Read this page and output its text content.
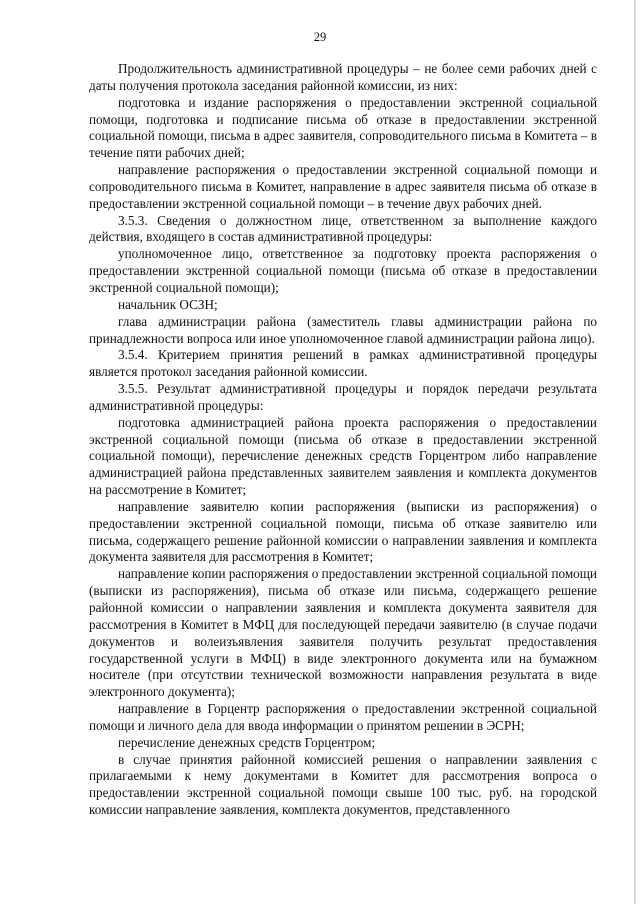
29

Продолжительность административной процедуры – не более семи рабочих дней с даты получения протокола заседания районной комиссии, из них:

подготовка и издание распоряжения о предоставлении экстренной социальной помощи, подготовка и подписание письма об отказе в предоставлении экстренной социальной помощи, письма в адрес заявителя, сопроводительного письма в Комитета – в течение пяти рабочих дней;

направление распоряжения о предоставлении экстренной социальной помощи и сопроводительного письма в Комитет, направление в адрес заявителя письма об отказе в предоставлении экстренной социальной помощи – в течение двух рабочих дней.

3.5.3. Сведения о должностном лице, ответственном за выполнение каждого действия, входящего в состав административной процедуры:

уполномоченное лицо, ответственное за подготовку проекта распоряжения о предоставлении экстренной социальной помощи (письма об отказе в предоставлении экстренной социальной помощи);

начальник ОСЗН;

глава администрации района (заместитель главы администрации района по принадлежности вопроса или иное уполномоченное главой администрации района лицо).

3.5.4. Критерием принятия решений в рамках административной процедуры является протокол заседания районной комиссии.

3.5.5. Результат административной процедуры и порядок передачи результата административной процедуры:

подготовка администрацией района проекта распоряжения о предоставлении экстренной социальной помощи (письма об отказе в предоставлении экстренной социальной помощи), перечисление денежных средств Горцентром либо направление администрацией района представленных заявителем заявления и комплекта документов на рассмотрение в Комитет;

направление заявителю копии распоряжения (выписки из распоряжения) о предоставлении экстренной социальной помощи, письма об отказе заявителю или письма, содержащего решение районной комиссии о направлении заявления и комплекта документа заявителя для рассмотрения в Комитет;

направление копии распоряжения о предоставлении экстренной социальной помощи (выписки из распоряжения), письма об отказе или письма, содержащего решение районной комиссии о направлении заявления и комплекта документа заявителя для рассмотрения в Комитет в МФЦ для последующей передачи заявителю (в случае подачи документов и волеизъявления заявителя получить результат предоставления государственной услуги в МФЦ) в виде электронного документа или на бумажном носителе (при отсутствии технической возможности направления результата в виде электронного документа);

направление в Горцентр распоряжения о предоставлении экстренной социальной помощи и личного дела для ввода информации о принятом решении в ЭСРН;

перечисление денежных средств Горцентром;

в случае принятия районной комиссией решения о направлении заявления с прилагаемыми к нему документами в Комитет для рассмотрения вопроса о предоставлении экстренной социальной помощи свыше 100 тыс. руб. на городской комиссии направление заявления, комплекта документов, представленного
